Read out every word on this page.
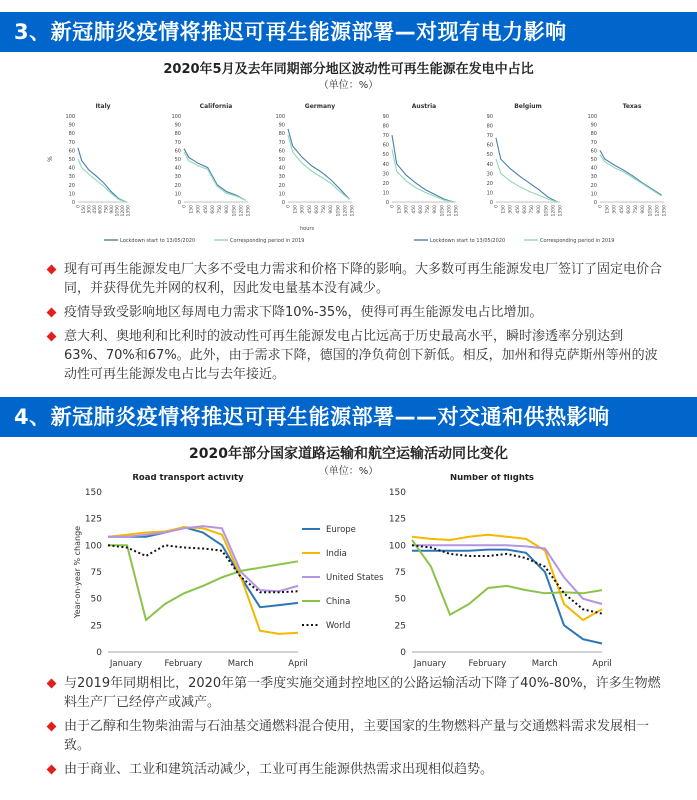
3、新冠肺炎疫情将推迟可再生能源部署—对现有电力影响
2020年5月及去年同期部分地区波动性可再生能源在发电中占比
（单位：%）
Italy
100
90
80
70
60
50
40
30
20
10
0
0 150 300 450 600 750 900 1050 1200 1350
%
California
100
90
80
70
60
50
40
30
20
10
0
0 150 300 450 600 750 900 1050 1200 1350
Germany
100
90
80
70
60
50
40
30
20
10
0
0 150 300 450 600 750 900 1050 1200 1350
hours
Austria
90
80
70
60
50
40
30
20
10
0
0 150 300 450 600 750 900 1050 1200 1350
Belgium
90
80
70
60
50
40
30
20
10
0
0 150 300 450 600 750 900 1050 1200 1350
Texas
100
90
80
70
60
50
40
30
20
10
0
0 150 300 450 600 750 900 1050 1200 1350
Lockdown start to 13/05/2020	Corresponding period in 2019	Lockdown start to 13/05/2020	Corresponding period in 2019
现有可再生能源发电厂大多不受电力需求和价格下降的影响。大多数可再生能源发电厂签订了固定电价合同，并获得优先并网的权利，因此发电量基本没有减少。
疫情导致受影响地区每周电力需求下降10%-35%，使得可再生能源发电占比增加。
意大利、奥地利和比利时的波动性可再生能源发电占比远高于历史最高水平，瞬时渗透率分别达到63%、70%和67%。此外，由于需求下降，德国的净负荷创下新低。相反，加州和得克萨斯州等州的波动性可再生能源发电占比与去年接近。
4、新冠肺炎疫情将推迟可再生能源部署——对交通和供热影响
2020年部分国家道路运输和航空运输活动同比变化
（单位：%）
Road transport activity
150
125
100
75
50
25
0
January	February	March	April
Year-on-year % change
Number of flights
150
125
100
75
50
25
0
January	February	March	April
Europe
India
United States
China
World
与2019年同期相比，2020年第一季度实施交通封控地区的公路运输活动下降了40%-80%，许多生物燃料生产厂已经停产或减产。
由于乙醇和生物柴油需与石油基交通燃料混合使用，主要国家的生物燃料产量与交通燃料需求发展相一致。
由于商业、工业和建筑活动减少，工业可再生能源供热需求出现相似趋势。
